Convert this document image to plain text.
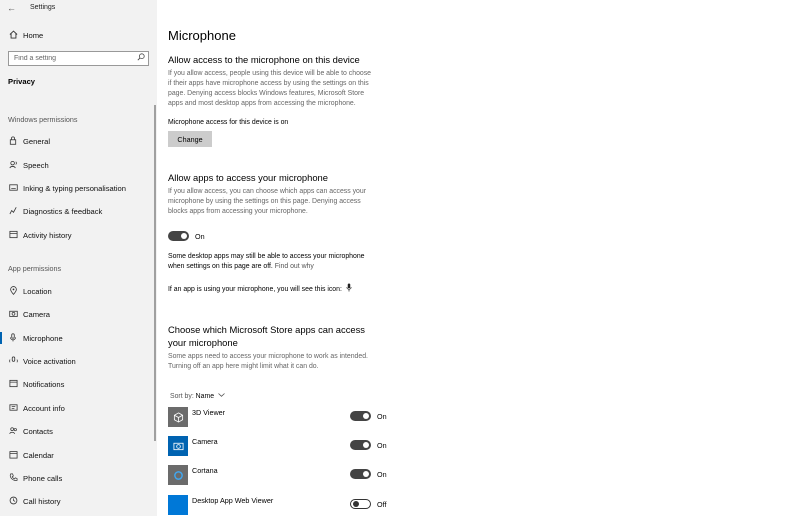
← Settings
Home
Find a setting
Privacy
Windows permissions
General
Speech
Inking & typing personalisation
Diagnostics & feedback
Activity history
App permissions
Location
Camera
Microphone
Voice activation
Notifications
Account info
Contacts
Calendar
Phone calls
Call history
Microphone
Allow access to the microphone on this device
If you allow access, people using this device will be able to choose
if their apps have microphone access by using the settings on this
page. Denying access blocks Windows features, Microsoft Store
apps and most desktop apps from accessing the microphone.
Microphone access for this device is on
Change
Allow apps to access your microphone
If you allow access, you can choose which apps can access your
microphone by using the settings on this page. Denying access
blocks apps from accessing your microphone.
On
Some desktop apps may still be able to access your microphone
when settings on this page are off. Find out why
If an app is using your microphone, you will see this icon:
Choose which Microsoft Store apps can access
your microphone
Some apps need to access your microphone to work as intended.
Turning off an app here might limit what it can do.
Sort by: Name
3D Viewer	On
Camera	On
Cortana	On
Desktop App Web Viewer	Off
